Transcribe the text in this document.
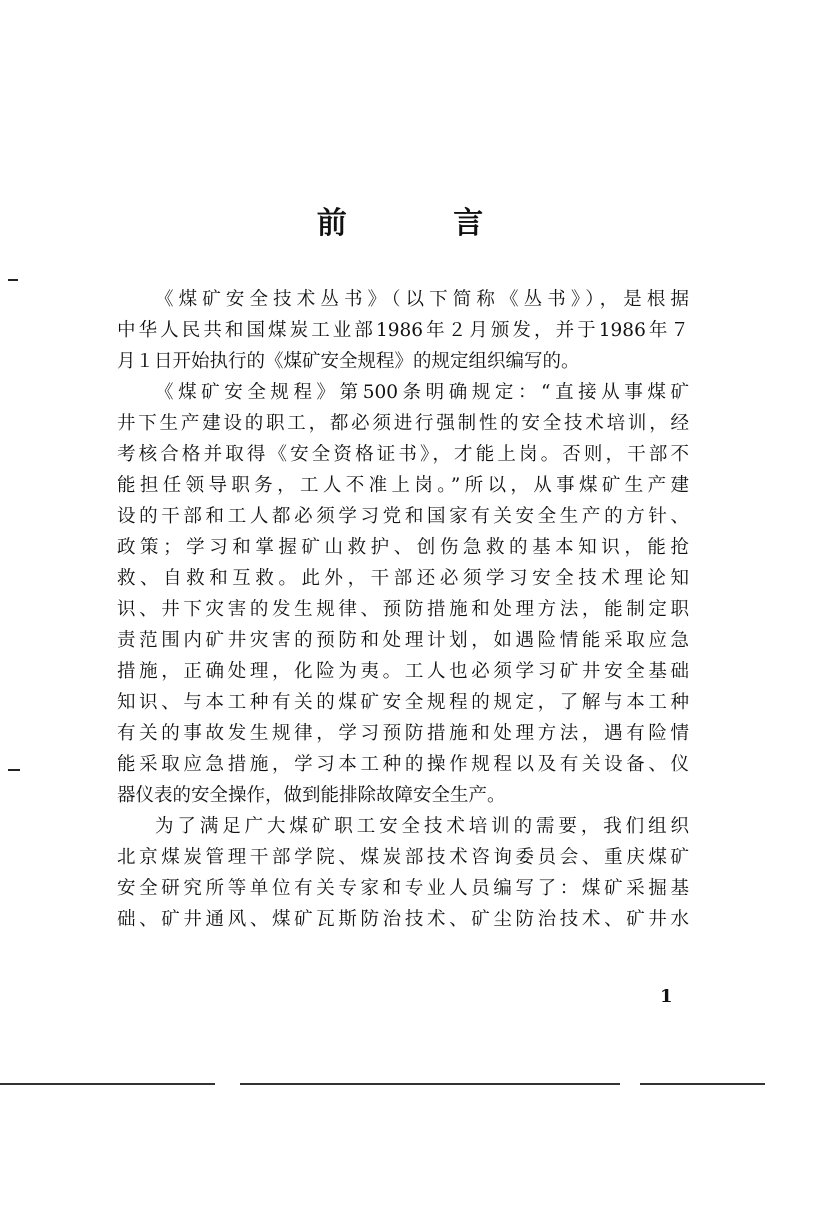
前 言
《煤矿安全技术丛书》（以下简称《丛书》），是根据
中华人民共和国煤炭工业部1986年２月颁发，并于1986年７
月１日开始执行的《煤矿安全规程》的规定组织编写的。
《煤矿安全规程》第500条明确规定：“直接从事煤矿
井下生产建设的职工，都必须进行强制性的安全技术培训，经
考核合格并取得《安全资格证书》，才能上岗。否则，干部不
能担任领导职务，工人不准上岗。”所以，从事煤矿生产建
设的干部和工人都必须学习党和国家有关安全生产的方针、
政策；学习和掌握矿山救护、创伤急救的基本知识，能抢
救、自救和互救。此外，干部还必须学习安全技术理论知
识、井下灾害的发生规律、预防措施和处理方法，能制定职
责范围内矿井灾害的预防和处理计划，如遇险情能采取应急
措施，正确处理，化险为夷。工人也必须学习矿井安全基础
知识、与本工种有关的煤矿安全规程的规定，了解与本工种
有关的事故发生规律，学习预防措施和处理方法，遇有险情
能采取应急措施，学习本工种的操作规程以及有关设备、仪
器仪表的安全操作，做到能排除故障安全生产。
为了满足广大煤矿职工安全技术培训的需要，我们组织
北京煤炭管理干部学院、煤炭部技术咨询委员会、重庆煤矿
安全研究所等单位有关专家和专业人员编写了：煤矿采掘基
础、矿井通风、煤矿瓦斯防治技术、矿尘防治技术、矿井水
1
